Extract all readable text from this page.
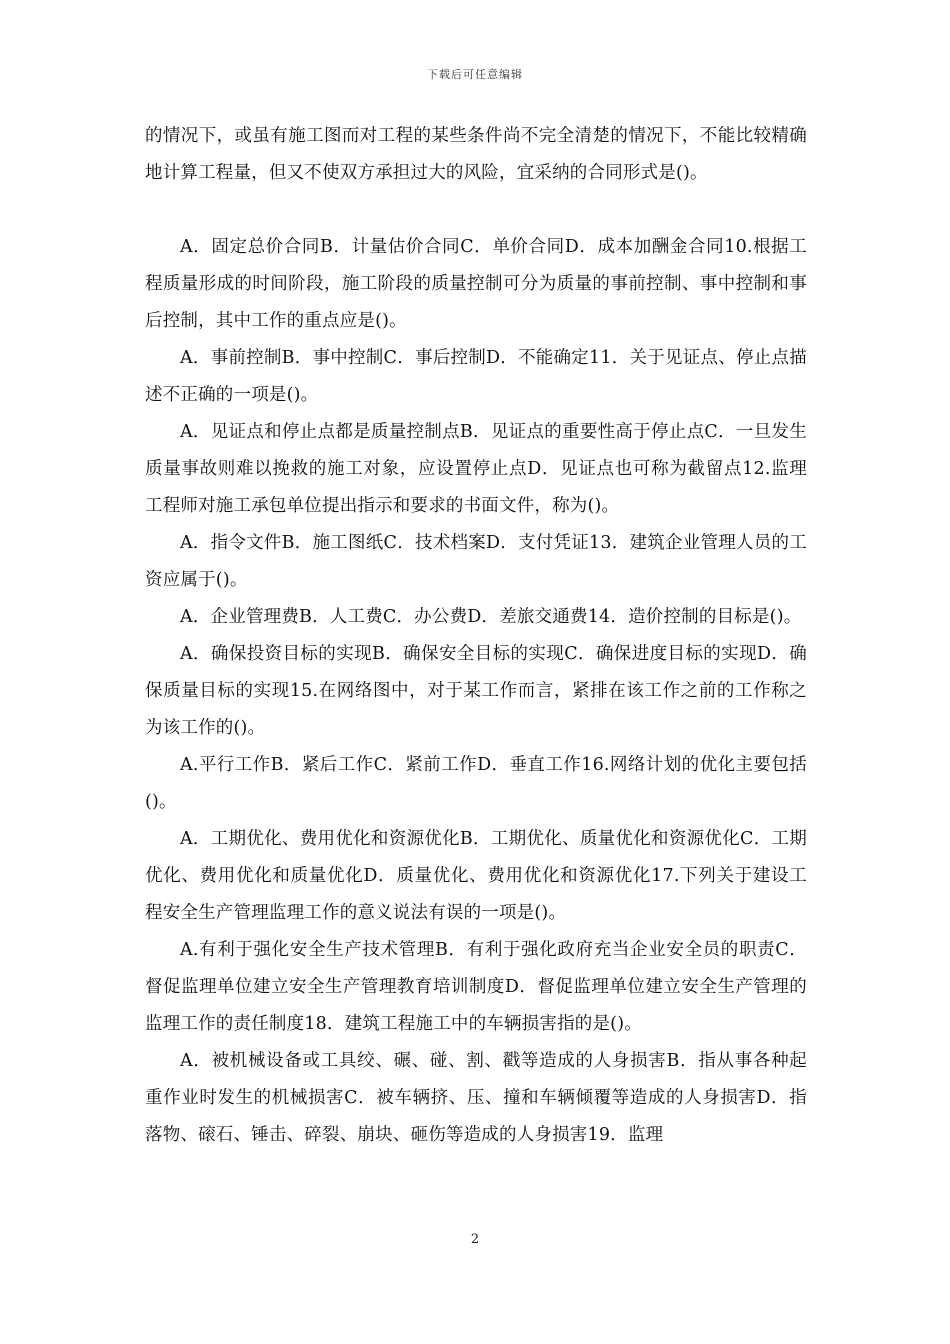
下载后可任意编辑

的情况下，或虽有施工图而对工程的某些条件尚不完全清楚的情况下，不能比较精确地计算工程量，但又不使双方承担过大的风险，宜采纳的合同形式是()。

A．固定总价合同B．计量估价合同C．单价合同D．成本加酬金合同10.根据工程质量形成的时间阶段，施工阶段的质量控制可分为质量的事前控制、事中控制和事后控制，其中工作的重点应是()。

A．事前控制B．事中控制C．事后控制D．不能确定11．关于见证点、停止点描述不正确的一项是()。

A．见证点和停止点都是质量控制点B．见证点的重要性高于停止点C．一旦发生质量事故则难以挽救的施工对象，应设置停止点D．见证点也可称为截留点12.监理工程师对施工承包单位提出指示和要求的书面文件，称为()。

A．指令文件B．施工图纸C．技术档案D．支付凭证13．建筑企业管理人员的工资应属于()。

A．企业管理费B．人工费C．办公费D．差旅交通费14．造价控制的目标是()。

A．确保投资目标的实现B．确保安全目标的实现C．确保进度目标的实现D．确保质量目标的实现15.在网络图中，对于某工作而言，紧排在该工作之前的工作称之为该工作的()。

A.平行工作B．紧后工作C．紧前工作D．垂直工作16.网络计划的优化主要包括()。

A．工期优化、费用优化和资源优化B．工期优化、质量优化和资源优化C．工期优化、费用优化和质量优化D．质量优化、费用优化和资源优化17.下列关于建设工程安全生产管理监理工作的意义说法有误的一项是()。

A.有利于强化安全生产技术管理B．有利于强化政府充当企业安全员的职责C．督促监理单位建立安全生产管理教育培训制度D．督促监理单位建立安全生产管理的监理工作的责任制度18．建筑工程施工中的车辆损害指的是()。

A．被机械设备或工具绞、碾、碰、割、戳等造成的人身损害B．指从事各种起重作业时发生的机械损害C．被车辆挤、压、撞和车辆倾覆等造成的人身损害D．指落物、磙石、锤击、碎裂、崩块、砸伤等造成的人身损害19．监理

2
